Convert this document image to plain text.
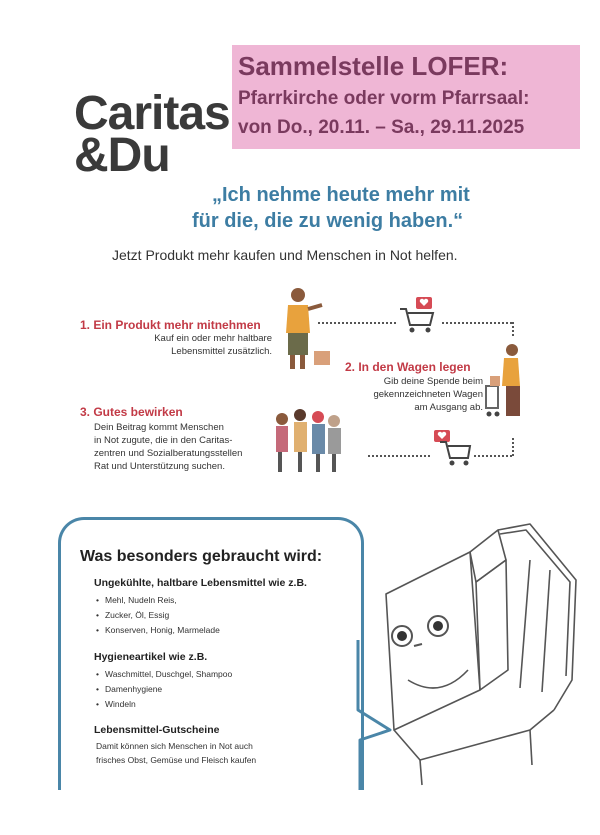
Sammelstelle LOFER:
Pfarrkirche oder vorm Pfarrsaal:
von Do., 20.11. – Sa., 29.11.2025
Caritas
&Du
„Ich nehme heute mehr mit
für die, die zu wenig haben.“
Jetzt Produkt mehr kaufen und Menschen in Not helfen.
1. Ein Produkt mehr mitnehmen
Kauf ein oder mehr haltbare
Lebensmittel zusätzlich.
2. In den Wagen legen
Gib deine Spende beim
gekennzeichneten Wagen
am Ausgang ab.
3. Gutes bewirken
Dein Beitrag kommt Menschen
in Not zugute, die in den Caritas-
zentren und Sozialberatungsstellen
Rat und Unterstützung suchen.
Was besonders gebraucht wird:
Ungekühlte, haltbare Lebensmittel wie z.B.
• Mehl, Nudeln Reis,
• Zucker, Öl, Essig
• Konserven, Honig, Marmelade
Hygieneartikel wie z.B.
• Waschmittel, Duschgel, Shampoo
• Damenhygiene
• Windeln
Lebensmittel-Gutscheine
Damit können sich Menschen in Not auch
frisches Obst, Gemüse und Fleisch kaufen
